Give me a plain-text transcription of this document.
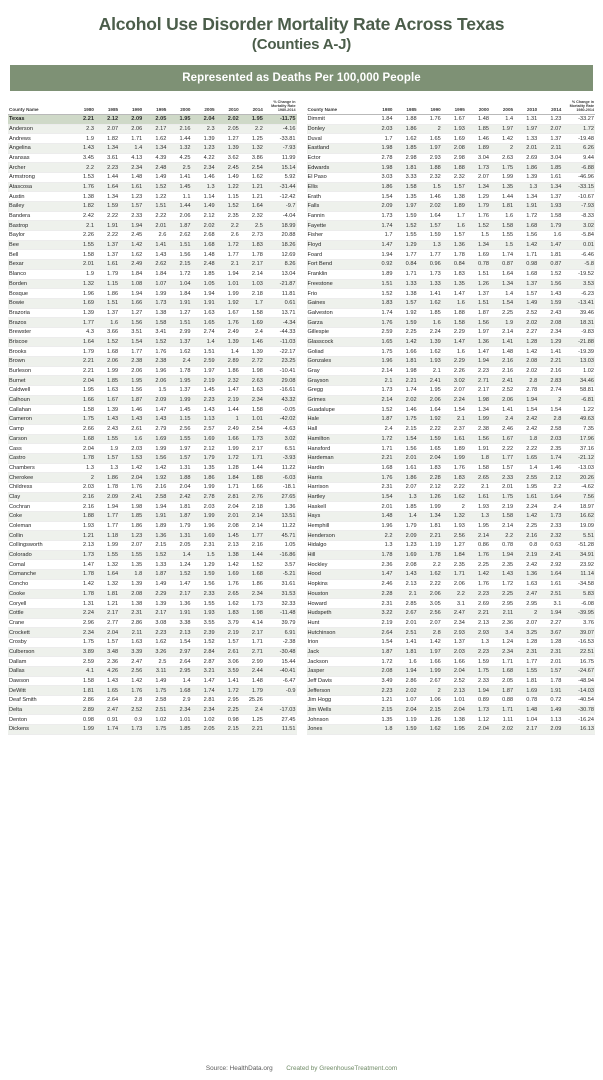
Alcohol Use Disorder Mortality Rate Across Texas
(Counties A-J)
Represented as Deaths Per 100,000 People
County Name	1980	1985	1990	1995	2000	2005	2010	2014	% Change in Mortality Rate 1980-2014
Texas	2.21	2.12	2.09	2.05	1.95	2.04	2.02	1.95	-11.75
Anderson	2.3	2.07	2.06	2.17	2.16	2.3	2.05	2.2	-4.16
Andrews	1.9	1.82	1.71	1.62	1.44	1.39	1.27	1.25	-33.81
Angelina	1.43	1.34	1.4	1.34	1.32	1.23	1.39	1.32	-7.93
Aransas	3.45	3.61	4.13	4.39	4.25	4.22	3.62	3.86	11.99
Archer	2.2	2.23	2.34	2.48	2.5	2.34	2.45	2.54	15.14
Armstrong	1.53	1.44	1.48	1.49	1.41	1.46	1.49	1.62	5.92
Atascosa	1.76	1.64	1.61	1.52	1.45	1.3	1.22	1.21	-31.44
Austin	1.38	1.34	1.23	1.22	1.1	1.14	1.15	1.21	-12.42
Bailey	1.82	1.59	1.57	1.51	1.44	1.49	1.52	1.64	-9.7
Bandera	2.42	2.22	2.33	2.22	2.06	2.12	2.35	2.32	-4.04
Bastrop	2.1	1.91	1.94	2.01	1.87	2.02	2.2	2.5	18.99
Baylor	2.26	2.22	2.45	2.6	2.62	2.68	2.6	2.73	20.88
Bee	1.55	1.37	1.42	1.41	1.51	1.68	1.72	1.83	18.26
Bell	1.58	1.37	1.62	1.43	1.56	1.48	1.77	1.78	12.69
Bexar	2.01	1.61	2.49	2.62	2.15	2.48	2.1	2.17	8.26
Blanco	1.9	1.79	1.84	1.84	1.72	1.85	1.94	2.14	13.04
Borden	1.32	1.15	1.08	1.07	1.04	1.05	1.01	1.03	-21.87
Bosque	1.96	1.86	1.94	1.99	1.84	1.94	1.99	2.18	11.81
Bowie	1.69	1.51	1.66	1.73	1.91	1.91	1.92	1.7	0.61
Brazoria	1.39	1.37	1.27	1.38	1.27	1.63	1.67	1.58	13.71
Brazos	1.77	1.6	1.56	1.58	1.51	1.65	1.76	1.69	-4.34
Brewster	4.3	3.66	3.51	3.41	2.99	2.74	2.49	2.4	-44.33
Briscoe	1.64	1.52	1.54	1.52	1.37	1.4	1.39	1.46	-11.03
Brooks	1.79	1.68	1.77	1.76	1.62	1.51	1.4	1.39	-22.17
Brown	2.21	2.06	2.38	2.38	2.4	2.59	2.89	2.72	23.25
Burleson	2.21	1.99	2.06	1.96	1.78	1.97	1.86	1.98	-10.41
Burnet	2.04	1.85	1.95	2.06	1.95	2.19	2.32	2.63	29.08
Caldwell	1.95	1.63	1.56	1.5	1.37	1.45	1.47	1.63	-16.61
Calhoun	1.66	1.67	1.87	2.09	1.99	2.23	2.19	2.34	43.32
Callahan	1.58	1.39	1.46	1.47	1.45	1.43	1.44	1.58	-0.05
Cameron	1.75	1.43	1.43	1.43	1.15	1.13	1	1.01	-42.02
Camp	2.66	2.43	2.61	2.79	2.56	2.57	2.49	2.54	-4.63
Carson	1.68	1.55	1.6	1.69	1.55	1.69	1.66	1.73	3.02
Cass	2.04	1.9	2.03	1.99	1.97	2.12	1.99	2.17	6.51
Castro	1.78	1.57	1.53	1.56	1.57	1.79	1.72	1.71	-3.93
Chambers	1.3	1.3	1.42	1.42	1.31	1.35	1.28	1.44	11.22
Cherokee	2	1.86	2.04	1.92	1.88	1.86	1.84	1.88	-6.03
Childress	2.03	1.78	1.76	2.16	2.04	1.99	1.71	1.66	-18.1
Clay	2.16	2.09	2.41	2.58	2.42	2.78	2.81	2.76	27.65
Cochran	2.16	1.94	1.98	1.94	1.81	2.03	2.04	2.18	1.36
Coke	1.88	1.77	1.85	1.91	1.87	1.99	2.01	2.14	13.51
Coleman	1.93	1.77	1.86	1.89	1.79	1.96	2.08	2.14	11.22
Collin	1.21	1.18	1.23	1.36	1.31	1.69	1.45	1.77	45.71
Collingsworth	2.13	1.99	2.07	2.15	2.05	2.31	2.13	2.16	1.05
Colorado	1.73	1.55	1.55	1.52	1.4	1.5	1.38	1.44	-16.86
Comal	1.47	1.32	1.35	1.33	1.24	1.29	1.42	1.52	3.57
Comanche	1.78	1.64	1.8	1.87	1.52	1.59	1.69	1.68	-5.21
Concho	1.42	1.32	1.39	1.49	1.47	1.56	1.76	1.86	31.61
Cooke	1.78	1.81	2.08	2.29	2.17	2.33	2.65	2.34	31.53
Coryell	1.31	1.21	1.38	1.39	1.36	1.55	1.62	1.73	32.33
Cottle	2.24	2.17	2.31	2.17	1.91	1.93	1.83	1.98	-11.48
Crane	2.96	2.77	2.86	3.08	3.38	3.55	3.79	4.14	39.79
Crockett	2.34	2.04	2.11	2.23	2.13	2.39	2.19	2.17	6.91
Crosby	1.75	1.57	1.63	1.62	1.54	1.52	1.57	1.71	-2.38
Culberson	3.89	3.48	3.39	3.26	2.97	2.84	2.61	2.71	-30.48
Dallam	2.59	2.36	2.47	2.5	2.64	2.87	3.06	2.99	15.44
Dallas	4.1	4.26	2.56	3.11	2.95	3.21	3.59	2.44	-40.41
Dawson	1.58	1.43	1.42	1.49	1.4	1.47	1.41	1.48	-6.47
DeWitt	1.81	1.65	1.76	1.75	1.68	1.74	1.72	1.79	-0.9
Deaf Smith	2.86	2.64	2.8	2.58	2.9	2.81	2.95	25.26	
Delta	2.89	2.47	2.52	2.51	2.34	2.34	2.25	2.4	-17.03
Denton	0.98	0.91	0.9	1.02	1.01	1.02	0.98	1.25	27.45
Dickens	1.99	1.74	1.73	1.75	1.85	2.05	2.15	2.21	11.51
County Name	1980	1985	1990	1995	2000	2005	2010	2014	% Change in Mortality Rate 1980-2014
Dimmit	1.84	1.88	1.76	1.67	1.48	1.4	1.31	1.23	-33.27
Donley	2.03	1.86	2	1.93	1.85	1.97	1.97	2.07	1.72
Duval	1.7	1.62	1.65	1.69	1.46	1.42	1.33	1.37	-19.48
Eastland	1.98	1.85	1.97	2.08	1.89	2	2.01	2.11	6.26
Ector	2.78	2.98	2.93	2.98	3.04	2.63	2.69	3.04	9.44
Edwards	1.98	1.81	1.88	1.88	1.73	1.75	1.86	1.85	-6.88
El Paso	3.03	3.33	2.32	2.32	2.07	1.99	1.39	1.61	-46.96
Ellis	1.86	1.58	1.5	1.57	1.34	1.35	1.3	1.34	-33.15
Erath	1.54	1.35	1.46	1.38	1.29	1.44	1.34	1.37	-10.67
Falls	2.09	1.97	2.02	1.89	1.79	1.81	1.91	1.93	-7.93
Fannin	1.73	1.59	1.64	1.7	1.76	1.6	1.72	1.58	-8.33
Fayette	1.74	1.52	1.57	1.6	1.52	1.58	1.68	1.79	3.02
Fisher	1.7	1.55	1.59	1.57	1.5	1.55	1.56	1.6	-5.84
Floyd	1.47	1.29	1.3	1.36	1.34	1.5	1.42	1.47	0.01
Foard	1.94	1.77	1.77	1.78	1.69	1.74	1.71	1.81	-6.46
Fort Bend	0.92	0.84	0.96	0.84	0.78	0.87	0.98	0.87	-5.8
Franklin	1.89	1.71	1.73	1.83	1.51	1.64	1.68	1.52	-19.52
Freestone	1.51	1.33	1.33	1.35	1.26	1.34	1.37	1.56	3.53
Frio	1.52	1.38	1.41	1.47	1.37	1.4	1.57	1.43	-6.23
Gaines	1.83	1.57	1.62	1.6	1.51	1.54	1.49	1.59	-13.41
Galveston	1.74	1.92	1.85	1.88	1.87	2.25	2.52	2.43	39.46
Garza	1.76	1.59	1.6	1.58	1.56	1.9	2.02	2.08	18.31
Gillespie	2.59	2.25	2.24	2.29	1.97	2.14	2.27	2.34	-9.83
Glasscock	1.65	1.42	1.39	1.47	1.36	1.41	1.28	1.29	-21.88
Goliad	1.75	1.66	1.62	1.6	1.47	1.48	1.42	1.41	-19.39
Gonzales	1.96	1.81	1.93	2.29	1.94	2.16	2.08	2.21	13.03
Gray	2.14	1.98	2.1	2.26	2.23	2.16	2.02	2.16	1.02
Grayson	2.1	2.21	2.41	3.02	2.71	2.41	2.8	2.83	34.46
Gregg	1.73	1.74	1.95	2.07	2.17	2.52	2.78	2.74	58.81
Grimes	2.14	2.02	2.06	2.24	1.98	2.06	1.94	2	-6.81
Guadalupe	1.52	1.46	1.64	1.54	1.34	1.41	1.54	1.54	1.22
Hale	1.87	1.75	1.92	2.1	1.99	2.4	2.42	2.8	49.63
Hall	2.4	2.15	2.22	2.37	2.38	2.46	2.42	2.58	7.35
Hamilton	1.72	1.54	1.59	1.61	1.56	1.67	1.8	2.03	17.96
Hansford	1.71	1.56	1.65	1.89	1.91	2.22	2.22	2.35	37.16
Hardeman	2.21	2.01	2.04	1.99	1.8	1.77	1.65	1.74	-21.12
Hardin	1.68	1.61	1.83	1.76	1.58	1.57	1.4	1.46	-13.03
Harris	1.76	1.86	2.28	1.83	2.65	2.33	2.55	2.12	20.26
Harrison	2.31	2.07	2.12	2.22	2.1	2.01	1.95	2.2	-4.62
Hartley	1.54	1.3	1.26	1.62	1.61	1.75	1.61	1.64	7.56
Haskell	2.01	1.85	1.99	2	1.93	2.19	2.24	2.4	18.97
Hays	1.48	1.4	1.34	1.32	1.3	1.58	1.42	1.73	16.62
Hemphill	1.96	1.79	1.81	1.93	1.95	2.14	2.25	2.33	19.09
Henderson	2.2	2.09	2.21	2.56	2.14	2.2	2.16	2.32	5.51
Hidalgo	1.3	1.23	1.19	1.27	0.86	0.78	0.8	0.63	-51.28
Hill	1.78	1.69	1.78	1.84	1.76	1.94	2.19	2.41	34.91
Hockley	2.36	2.08	2.2	2.35	2.25	2.35	2.42	2.92	23.92
Hood	1.47	1.43	1.62	1.71	1.42	1.43	1.36	1.64	11.14
Hopkins	2.46	2.13	2.22	2.06	1.76	1.72	1.63	1.61	-34.58
Houston	2.28	2.1	2.06	2.2	2.23	2.25	2.47	2.51	5.83
Howard	2.31	2.85	3.05	3.1	2.69	2.95	2.95	3.1	-6.08
Hudspeth	3.22	2.67	2.56	2.47	2.21	2.11	2	1.94	-39.95
Hunt	2.19	2.01	2.07	2.34	2.13	2.36	2.07	2.27	3.76
Hutchinson	2.64	2.51	2.8	2.93	2.93	3.4	3.25	3.67	39.07
Irion	1.54	1.41	1.42	1.37	1.3	1.24	1.28	1.28	-16.53
Jack	1.87	1.81	1.97	2.03	2.23	2.34	2.31	2.31	22.51
Jackson	1.72	1.6	1.66	1.66	1.59	1.71	1.77	2.01	16.75
Jasper	2.08	1.94	1.99	2.04	1.75	1.68	1.55	1.57	-24.67
Jeff Davis	3.49	2.86	2.67	2.52	2.33	2.05	1.81	1.78	-48.94
Jefferson	2.23	2.02	2	2.13	1.94	1.87	1.69	1.91	-14.03
Jim Hogg	1.21	1.07	1.06	1.01	0.89	0.88	0.78	0.72	-40.54
Jim Wells	2.15	2.04	2.15	2.04	1.73	1.71	1.48	1.49	-30.78
Johnson	1.35	1.19	1.26	1.38	1.12	1.11	1.04	1.13	-16.24
Jones	1.8	1.59	1.62	1.95	2.04	2.02	2.17	2.09	16.13
Source: HealthData.org Created by GreenhouseTreatment.com
